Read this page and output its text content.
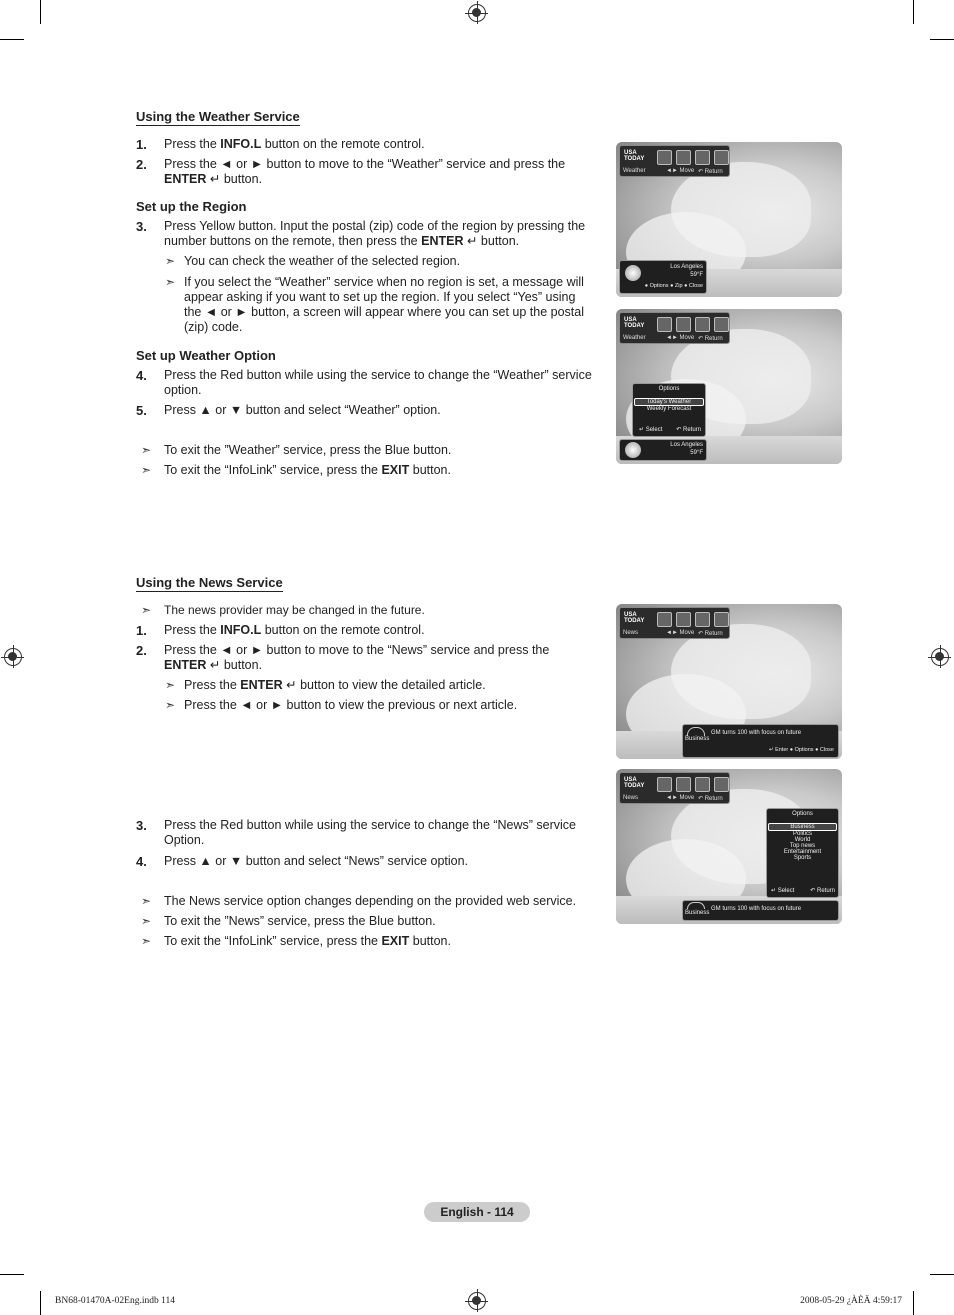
Using the Weather Service
1. Press the INFO.L button on the remote control.
2. Press the ◄ or ► button to move to the “Weather” service and press the
ENTER ↵ button.
Set up the Region
3. Press Yellow button. Input the postal (zip) code of the region by pressing the
number buttons on the remote, then press the ENTER ↵ button.
➣ You can check the weather of the selected region.
➣ If you select the “Weather” service when no region is set, a message will
appear asking if you want to set up the region. If you select “Yes” using
the ◄ or ► button, a screen will appear where you can set up the postal
(zip) code.
Set up Weather Option
4. Press the Red button while using the service to change the “Weather” service
option.
5. Press ▲ or ▼ button and select “Weather” option.
➣ To exit the ”Weather” service, press the Blue button.
➣ To exit the “InfoLink” service, press the EXIT button.
USA TODAY
Weather	◄► Move ↶ Return
Los Angeles
59°F
● Options ● Zip ● Close
USA TODAY
Weather	◄► Move ↶ Return
Options
Today's Weather
Weekly Forecast
↵ Select ↶ Return
Los Angeles
59°F
Using the News Service
➣ The news provider may be changed in the future.
1. Press the INFO.L button on the remote control.
2. Press the ◄ or ► button to move to the “News” service and press the
ENTER ↵ button.
➣ Press the ENTER ↵ button to view the detailed article.
➣ Press the ◄ or ► button to view the previous or next article.
3. Press the Red button while using the service to change the “News” service
Option.
4. Press ▲ or ▼ button and select “News” service option.
➣ The News service option changes depending on the provided web service.
➣ To exit the ”News” service, press the Blue button.
➣ To exit the “InfoLink” service, press the EXIT button.
USA TODAY
News	◄► Move ↶ Return
Business
GM turns 100 with focus on future
↵ Enter ● Options ● Close
USA TODAY
News	◄► Move ↶ Return
Options
Business
Politics
World
Top news
Entertainment
Sports
↵ Select	↶ Return
Business
GM turns 100 with focus on future
English - 114
BN68-01470A-02Eng.indb 114	2008-05-29 ¿ÀÈÄ 4:59:17
